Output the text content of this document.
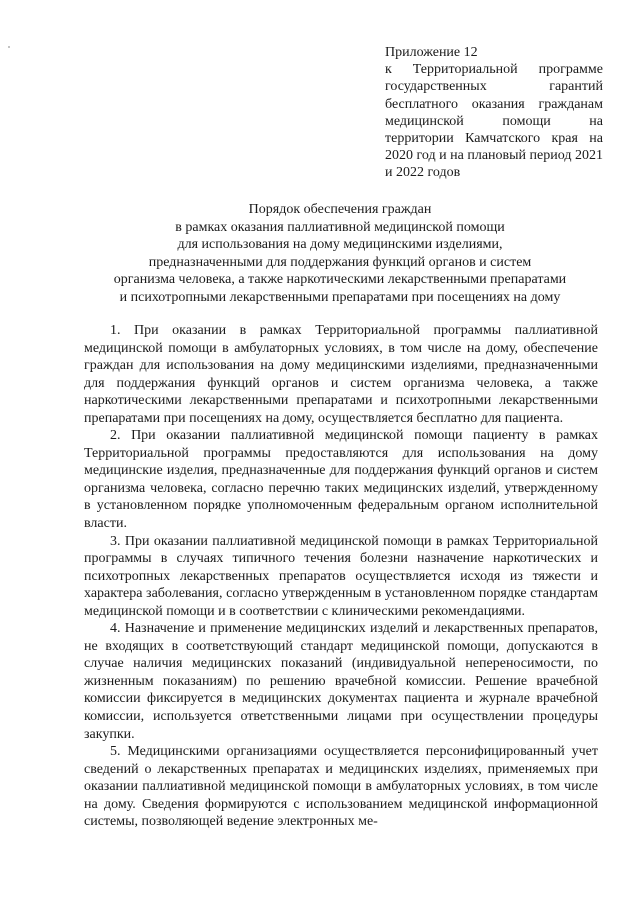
Приложение 12
к Территориальной программе государственных гарантий бесплатного оказания гражданам медицинской помощи на территории Камчатского края на 2020 год и на плановый период 2021 и 2022 годов
Порядок обеспечения граждан
в рамках оказания паллиативной медицинской помощи
для использования на дому медицинскими изделиями,
предназначенными для поддержания функций органов и систем
организма человека, а также наркотическими лекарственными препаратами
и психотропными лекарственными препаратами при посещениях на дому

1. При оказании в рамках Территориальной программы паллиативной медицинской помощи в амбулаторных условиях, в том числе на дому, обеспечение граждан для использования на дому медицинскими изделиями, предназначенными для поддержания функций органов и систем организма человека, а также наркотическими лекарственными препаратами и психотропными лекарственными препаратами при посещениях на дому, осуществляется бесплатно для пациента.

2. При оказании паллиативной медицинской помощи пациенту в рамках Территориальной программы предоставляются для использования на дому медицинские изделия, предназначенные для поддержания функций органов и систем организма человека, согласно перечню таких медицинских изделий, утвержденному в установленном порядке уполномоченным федеральным органом исполнительной власти.

3. При оказании паллиативной медицинской помощи в рамках Территориальной программы в случаях типичного течения болезни назначение наркотических и психотропных лекарственных препаратов осуществляется исходя из тяжести и характера заболевания, согласно утвержденным в установленном порядке стандартам медицинской помощи и в соответствии с клиническими рекомендациями.

4. Назначение и применение медицинских изделий и лекарственных препаратов, не входящих в соответствующий стандарт медицинской помощи, допускаются в случае наличия медицинских показаний (индивидуальной непереносимости, по жизненным показаниям) по решению врачебной комиссии. Решение врачебной комиссии фиксируется в медицинских документах пациента и журнале врачебной комиссии, используется ответственными лицами при осуществлении процедуры закупки.

5. Медицинскими организациями осуществляется персонифицированный учет сведений о лекарственных препаратах и медицинских изделиях, применяемых при оказании паллиативной медицинской помощи в амбулаторных условиях, в том числе на дому. Сведения формируются с использованием медицинской информационной системы, позволяющей ведение электронных ме-
